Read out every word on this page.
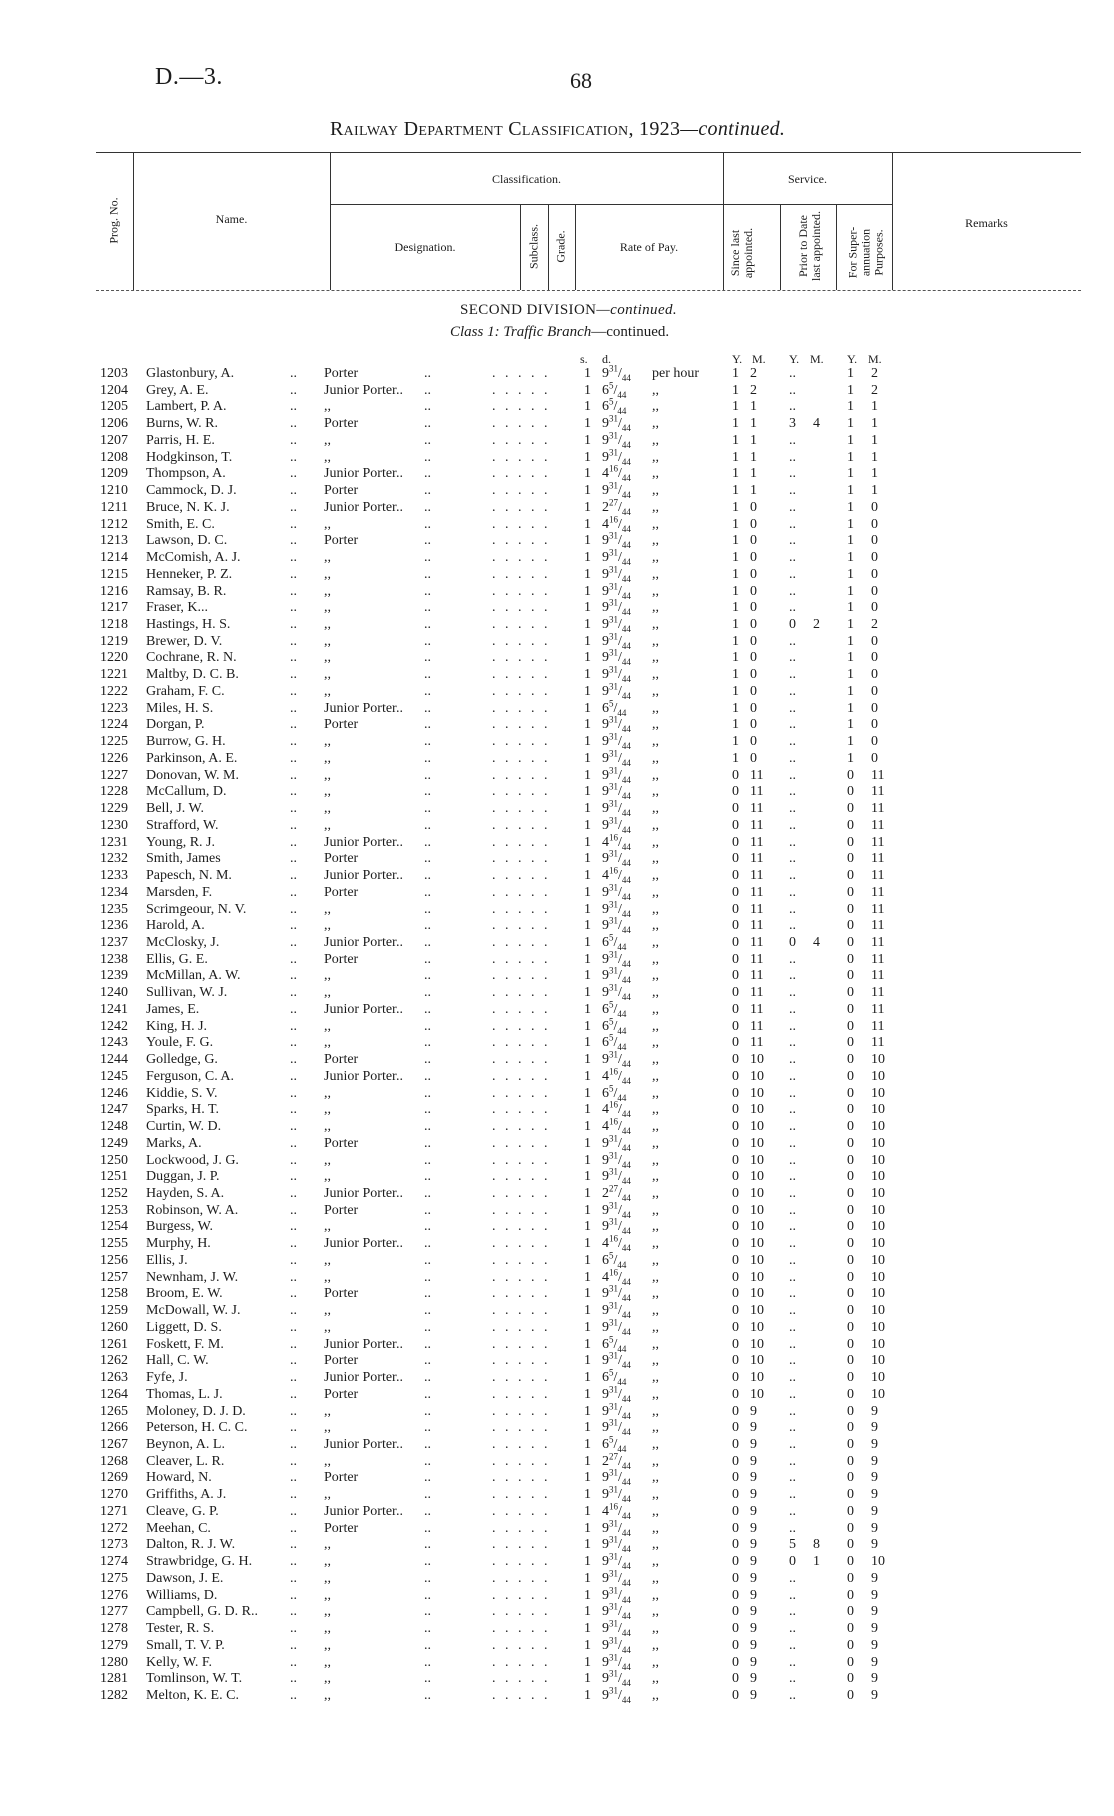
D.—3.	68
Railway Department Classification, 1923—continued.
Prog. No.	Name.
Classification.
Designation.	Subclass. Grade.	Rate of Pay.
Service.
Since last appointed.	Prior to Date last appointed. For Super-annuation Purposes.
Remarks
SECOND DIVISION—continued.
Class 1: Traffic Branch—continued.
s. d.	Y. M. Y. M. Y. M.
1203 Glastonbury, A.	.. Porter	..	. . . . . 1 $9^{31}/_{44}$ per hour 1 2	..	1 2
1204 Grey, A. E.	.. Junior Porter.. ..	. . . . . 1 $6^5/_{44}$ ,,	1 2	..	1 2
1205 Lambert, P. A.	.. ,,	..	. . . . . 1 $6^5/_{44}$ ,,	1 1	..	1 1
1206 Burns, W. R.	.. Porter	..	. . . . . 1 $9^{31}/_{44}$ ,,	1 1	3 4 1 1
1207 Parris, H. E.	.. ,,	..	. . . . . 1 $9^{31}/_{44}$ ,,	1 1	..	1 1
1208 Hodgkinson, T.	.. ,,	..	. . . . . 1 $9^{31}/_{44}$ ,,	1 1	..	1 1
1209 Thompson, A.	.. Junior Porter.. ..	. . . . . 1 $4^{16}/_{44}$ ,,	1 1	..	1 1
1210 Cammock, D. J.	.. Porter	..	. . . . . 1 $9^{31}/_{44}$ ,,	1 1	..	1 1
1211 Bruce, N. K. J.	.. Junior Porter.. ..	. . . . . 1 $2^{27}/_{44}$ ,,	1 0	..	1 0
1212 Smith, E. C.	.. ,,	..	. . . . . 1 $4^{16}/_{44}$ ,,	1 0	..	1 0
1213 Lawson, D. C.	.. Porter	..	. . . . . 1 $9^{31}/_{44}$ ,,	1 0	..	1 0
1214 McComish, A. J.	.. ,,	..	. . . . . 1 $9^{31}/_{44}$ ,,	1 0	..	1 0
1215 Henneker, P. Z.	.. ,,	..	. . . . . 1 $9^{31}/_{44}$ ,,	1 0	..	1 0
1216 Ramsay, B. R.	.. ,,	..	. . . . . 1 $9^{31}/_{44}$ ,,	1 0	..	1 0
1217 Fraser, K...	.. ,,	..	. . . . . 1 $9^{31}/_{44}$ ,,	1 0	..	1 0
1218 Hastings, H. S.	.. ,,	..	. . . . . 1 $9^{31}/_{44}$ ,,	1 0	0 2 1 2
1219 Brewer, D. V.	.. ,,	..	. . . . . 1 $9^{31}/_{44}$ ,,	1 0	..	1 0
1220 Cochrane, R. N.	.. ,,	..	. . . . . 1 $9^{31}/_{44}$ ,,	1 0	..	1 0
1221 Maltby, D. C. B.	.. ,,	..	. . . . . 1 $9^{31}/_{44}$ ,,	1 0	..	1 0
1222 Graham, F. C.	.. ,,	..	. . . . . 1 $9^{31}/_{44}$ ,,	1 0	..	1 0
1223 Miles, H. S.	.. Junior Porter.. ..	. . . . . 1 $6^5/_{44}$ ,,	1 0	..	1 0
1224 Dorgan, P.	.. Porter	..	. . . . . 1 $9^{31}/_{44}$ ,,	1 0	..	1 0
1225 Burrow, G. H.	.. ,,	..	. . . . . 1 $9^{31}/_{44}$ ,,	1 0	..	1 0
1226 Parkinson, A. E.	.. ,,	..	. . . . . 1 $9^{31}/_{44}$ ,,	1 0	..	1 0
1227 Donovan, W. M.	.. ,,	..	. . . . . 1 $9^{31}/_{44}$ ,,	0 11	..	0 11
1228 McCallum, D.	.. ,,	..	. . . . . 1 $9^{31}/_{44}$ ,,	0 11	..	0 11
1229 Bell, J. W.	.. ,,	..	. . . . . 1 $9^{31}/_{44}$ ,,	0 11	..	0 11
1230 Strafford, W.	.. ,,	..	. . . . . 1 $9^{31}/_{44}$ ,,	0 11	..	0 11
1231 Young, R. J.	.. Junior Porter.. ..	. . . . . 1 $4^{16}/_{44}$ ,,	0 11	..	0 11
1232 Smith, James	.. Porter	..	. . . . . 1 $9^{31}/_{44}$ ,,	0 11	..	0 11
1233 Papesch, N. M.	.. Junior Porter.. ..	. . . . . 1 $4^{16}/_{44}$ ,,	0 11	..	0 11
1234 Marsden, F.	.. Porter	..	. . . . . 1 $9^{31}/_{44}$ ,,	0 11	..	0 11
1235 Scrimgeour, N. V.	.. ,,	..	. . . . . 1 $9^{31}/_{44}$ ,,	0 11	..	0 11
1236 Harold, A.	.. ,,	..	. . . . . 1 $9^{31}/_{44}$ ,,	0 11	..	0 11
1237 McClosky, J.	.. Junior Porter.. ..	. . . . . 1 $6^5/_{44}$ ,,	0 11	0 4 0 11
1238 Ellis, G. E.	.. Porter	..	. . . . . 1 $9^{31}/_{44}$ ,,	0 11	..	0 11
1239 McMillan, A. W.	.. ,,	..	. . . . . 1 $9^{31}/_{44}$ ,,	0 11	..	0 11
1240 Sullivan, W. J.	.. ,,	..	. . . . . 1 $9^{31}/_{44}$ ,,	0 11	..	0 11
1241 James, E.	.. Junior Porter.. ..	. . . . . 1 $6^5/_{44}$ ,,	0 11	..	0 11
1242 King, H. J.	.. ,,	..	. . . . . 1 $6^5/_{44}$ ,,	0 11	..	0 11
1243 Youle, F. G.	.. ,,	..	. . . . . 1 $6^5/_{44}$ ,,	0 11	..	0 11
1244 Golledge, G.	.. Porter	..	. . . . . 1 $9^{31}/_{44}$ ,,	0 10	..	0 10
1245 Ferguson, C. A.	.. Junior Porter.. ..	. . . . . 1 $4^{16}/_{44}$ ,,	0 10	..	0 10
1246 Kiddie, S. V.	.. ,,	..	. . . . . 1 $6^5/_{44}$ ,,	0 10	..	0 10
1247 Sparks, H. T.	.. ,,	..	. . . . . 1 $4^{16}/_{44}$ ,,	0 10	..	0 10
1248 Curtin, W. D.	.. ,,	..	. . . . . 1 $4^{16}/_{44}$ ,,	0 10	..	0 10
1249 Marks, A.	.. Porter	..	. . . . . 1 $9^{31}/_{44}$ ,,	0 10	..	0 10
1250 Lockwood, J. G.	.. ,,	..	. . . . . 1 $9^{31}/_{44}$ ,,	0 10	..	0 10
1251 Duggan, J. P.	.. ,,	..	. . . . . 1 $9^{31}/_{44}$ ,,	0 10	..	0 10
1252 Hayden, S. A.	.. Junior Porter.. ..	. . . . . 1 $2^{27}/_{44}$ ,,	0 10	..	0 10
1253 Robinson, W. A.	.. Porter	..	. . . . . 1 $9^{31}/_{44}$ ,,	0 10	..	0 10
1254 Burgess, W.	.. ,,	..	. . . . . 1 $9^{31}/_{44}$ ,,	0 10	..	0 10
1255 Murphy, H.	.. Junior Porter.. ..	. . . . . 1 $4^{16}/_{44}$ ,,	0 10	..	0 10
1256 Ellis, J.	.. ,,	..	. . . . . 1 $6^5/_{44}$ ,,	0 10	..	0 10
1257 Newnham, J. W.	.. ,,	..	. . . . . 1 $4^{16}/_{44}$ ,,	0 10	..	0 10
1258 Broom, E. W.	.. Porter	..	. . . . . 1 $9^{31}/_{44}$ ,,	0 10	..	0 10
1259 McDowall, W. J.	.. ,,	..	. . . . . 1 $9^{31}/_{44}$ ,,	0 10	..	0 10
1260 Liggett, D. S.	.. ,,	..	. . . . . 1 $9^{31}/_{44}$ ,,	0 10	..	0 10
1261 Foskett, F. M.	.. Junior Porter.. ..	. . . . . 1 $6^5/_{44}$ ,,	0 10	..	0 10
1262 Hall, C. W.	.. Porter	..	. . . . . 1 $9^{31}/_{44}$ ,,	0 10	..	0 10
1263 Fyfe, J.	.. Junior Porter.. ..	. . . . . 1 $6^5/_{44}$ ,,	0 10	..	0 10
1264 Thomas, L. J.	.. Porter	..	. . . . . 1 $9^{31}/_{44}$ ,,	0 10	..	0 10
1265 Moloney, D. J. D.	.. ,,	..	. . . . . 1 $9^{31}/_{44}$ ,,	0 9	..	0 9
1266 Peterson, H. C. C.	.. ,,	..	. . . . . 1 $9^{31}/_{44}$ ,,	0 9	..	0 9
1267 Beynon, A. L.	.. Junior Porter.. ..	. . . . . 1 $6^5/_{44}$ ,,	0 9	..	0 9
1268 Cleaver, L. R.	.. ,,	..	. . . . . 1 $2^{27}/_{44}$ ,,	0 9	..	0 9
1269 Howard, N.	.. Porter	..	. . . . . 1 $9^{31}/_{44}$ ,,	0 9	..	0 9
1270 Griffiths, A. J.	.. ,,	..	. . . . . 1 $9^{31}/_{44}$ ,,	0 9	..	0 9
1271 Cleave, G. P.	.. Junior Porter.. ..	. . . . . 1 $4^{16}/_{44}$ ,,	0 9	..	0 9
1272 Meehan, C.	.. Porter	..	. . . . . 1 $9^{31}/_{44}$ ,,	0 9	..	0 9
1273 Dalton, R. J. W.	.. ,,	..	. . . . . 1 $9^{31}/_{44}$ ,,	0 9	5 8 0 9
1274 Strawbridge, G. H.	.. ,,	..	. . . . . 1 $9^{31}/_{44}$ ,,	0 9	0 1 0 10
1275 Dawson, J. E.	.. ,,	..	. . . . . 1 $9^{31}/_{44}$ ,,	0 9	..	0 9
1276 Williams, D.	.. ,,	..	. . . . . 1 $9^{31}/_{44}$ ,,	0 9	..	0 9
1277 Campbell, G. D. R.. .. ,,	..	. . . . . 1 $9^{31}/_{44}$ ,,	0 9	..	0 9
1278 Tester, R. S.	.. ,,	..	. . . . . 1 $9^{31}/_{44}$ ,,	0 9	..	0 9
1279 Small, T. V. P.	.. ,,	..	. . . . . 1 $9^{31}/_{44}$ ,,	0 9	..	0 9
1280 Kelly, W. F.	.. ,,	..	. . . . . 1 $9^{31}/_{44}$ ,,	0 9	..	0 9
1281 Tomlinson, W. T.	.. ,,	..	. . . . . 1 $9^{31}/_{44}$ ,,	0 9	..	0 9
1282 Melton, K. E. C.	.. ,,	..	. . . . . 1 $9^{31}/_{44}$ ,,	0 9	..	0 9
